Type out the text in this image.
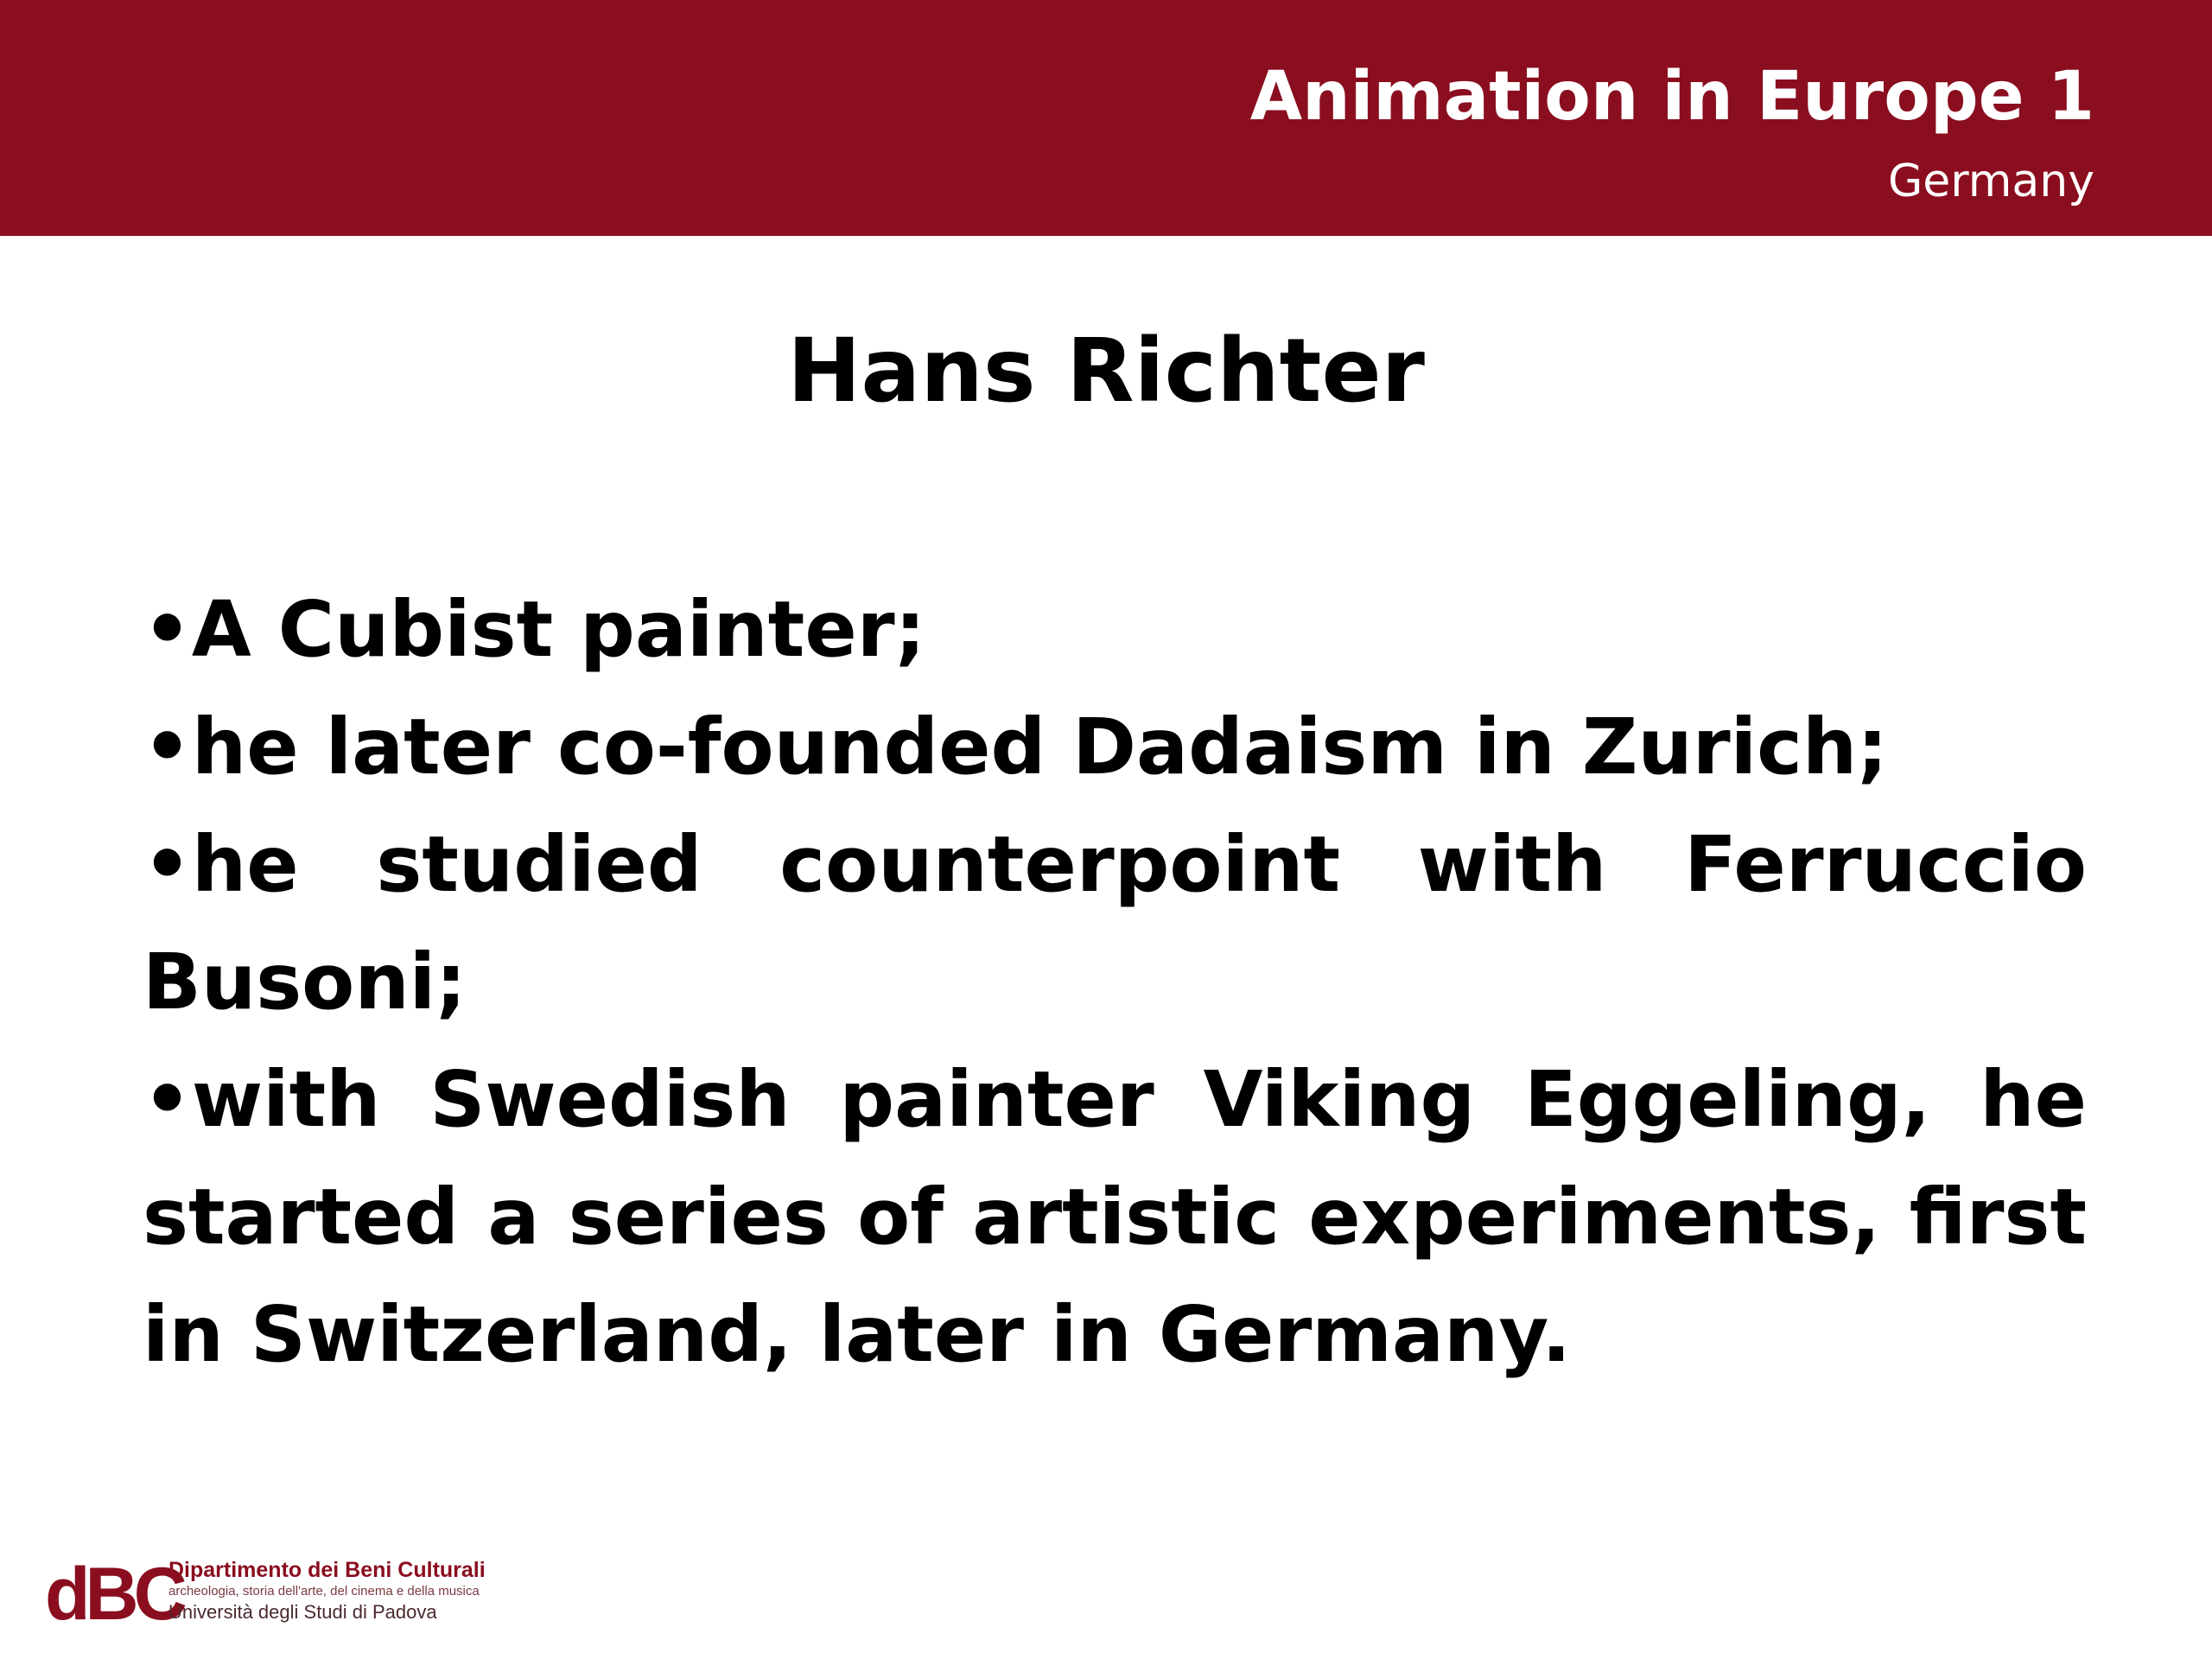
Animation in Europe 1
Germany
Hans Richter
•A Cubist painter;
•he later co-founded Dadaism in Zurich;
•he studied counterpoint with Ferruccio Busoni;
•with Swedish painter Viking Eggeling, he started a series of artistic experiments, first in Switzerland, later in Germany.
dBC
Dipartimento dei Beni Culturali
archeologia, storia dell'arte, del cinema e della musica
Università degli Studi di Padova
